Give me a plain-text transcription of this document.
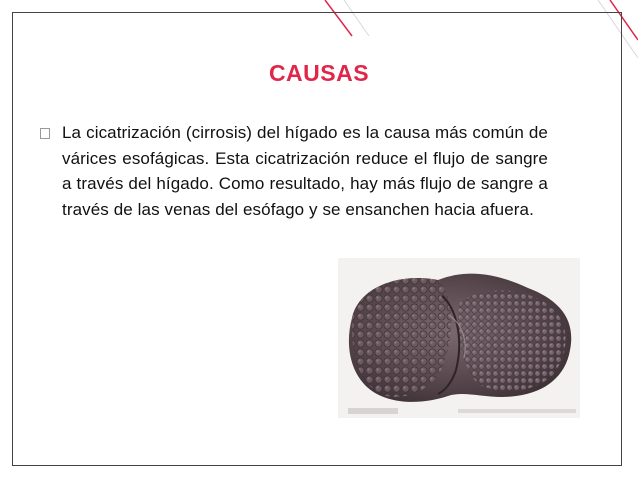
CAUSAS
La cicatrización (cirrosis) del hígado es la causa más común de várices esofágicas. Esta cicatrización reduce el flujo de sangre a través del hígado. Como resultado, hay más flujo de sangre a través de las venas del esófago y se ensanchen hacia afuera.
